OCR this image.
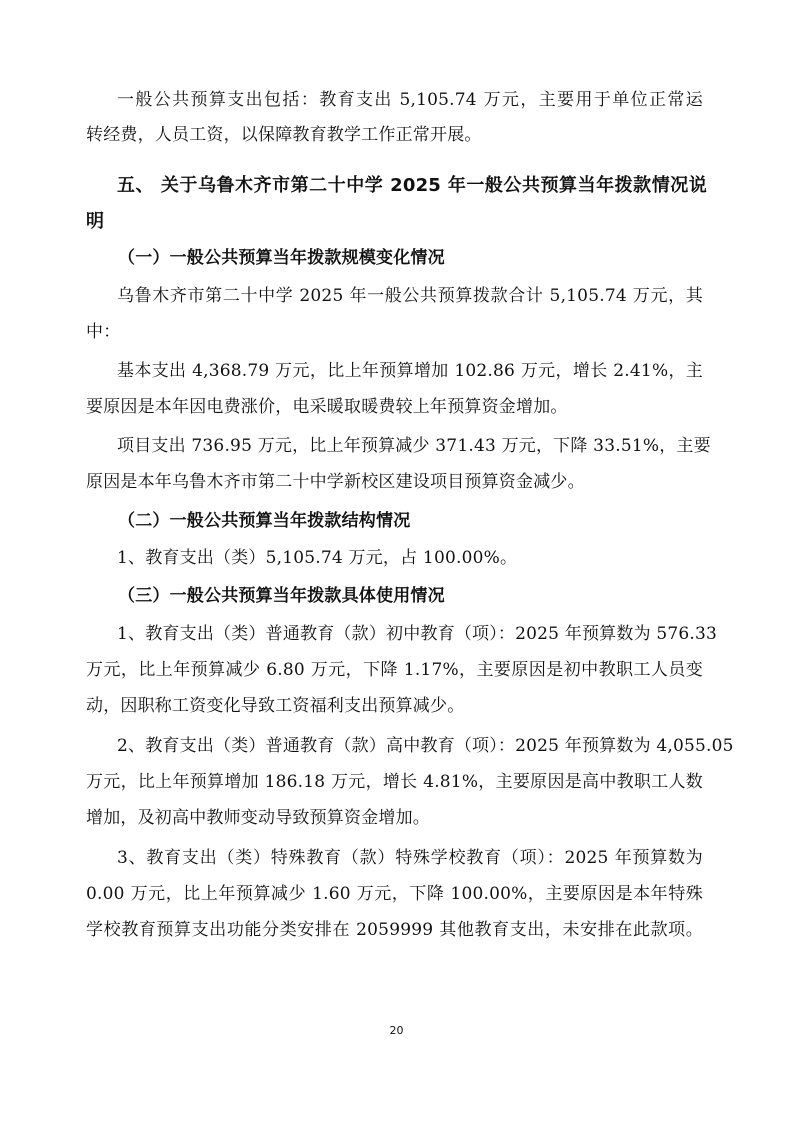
一般公共预算支出包括：教育支出 5,105.74 万元，主要用于单位正常运
转经费，人员工资，以保障教育教学工作正常开展。
五、 关于乌鲁木齐市第二十中学 2025 年一般公共预算当年拨款情况说
明
（一）一般公共预算当年拨款规模变化情况
乌鲁木齐市第二十中学 2025 年一般公共预算拨款合计 5,105.74 万元，其
中：
基本支出 4,368.79 万元，比上年预算增加 102.86 万元，增长 2.41%，主
要原因是本年因电费涨价，电采暖取暖费较上年预算资金增加。
项目支出 736.95 万元，比上年预算减少 371.43 万元，下降 33.51%，主要
原因是本年乌鲁木齐市第二十中学新校区建设项目预算资金减少。
（二）一般公共预算当年拨款结构情况
1、教育支出（类）5,105.74 万元，占 100.00%。
（三）一般公共预算当年拨款具体使用情况
1、教育支出（类）普通教育（款）初中教育（项）：2025 年预算数为 576.33
万元，比上年预算减少 6.80 万元，下降 1.17%，主要原因是初中教职工人员变
动，因职称工资变化导致工资福利支出预算减少。
2、教育支出（类）普通教育（款）高中教育（项）：2025 年预算数为 4,055.05
万元，比上年预算增加 186.18 万元，增长 4.81%，主要原因是高中教职工人数
增加，及初高中教师变动导致预算资金增加。
3、教育支出（类）特殊教育（款）特殊学校教育（项）：2025 年预算数为
0.00 万元，比上年预算减少 1.60 万元，下降 100.00%，主要原因是本年特殊
学校教育预算支出功能分类安排在 2059999 其他教育支出，未安排在此款项。
20
